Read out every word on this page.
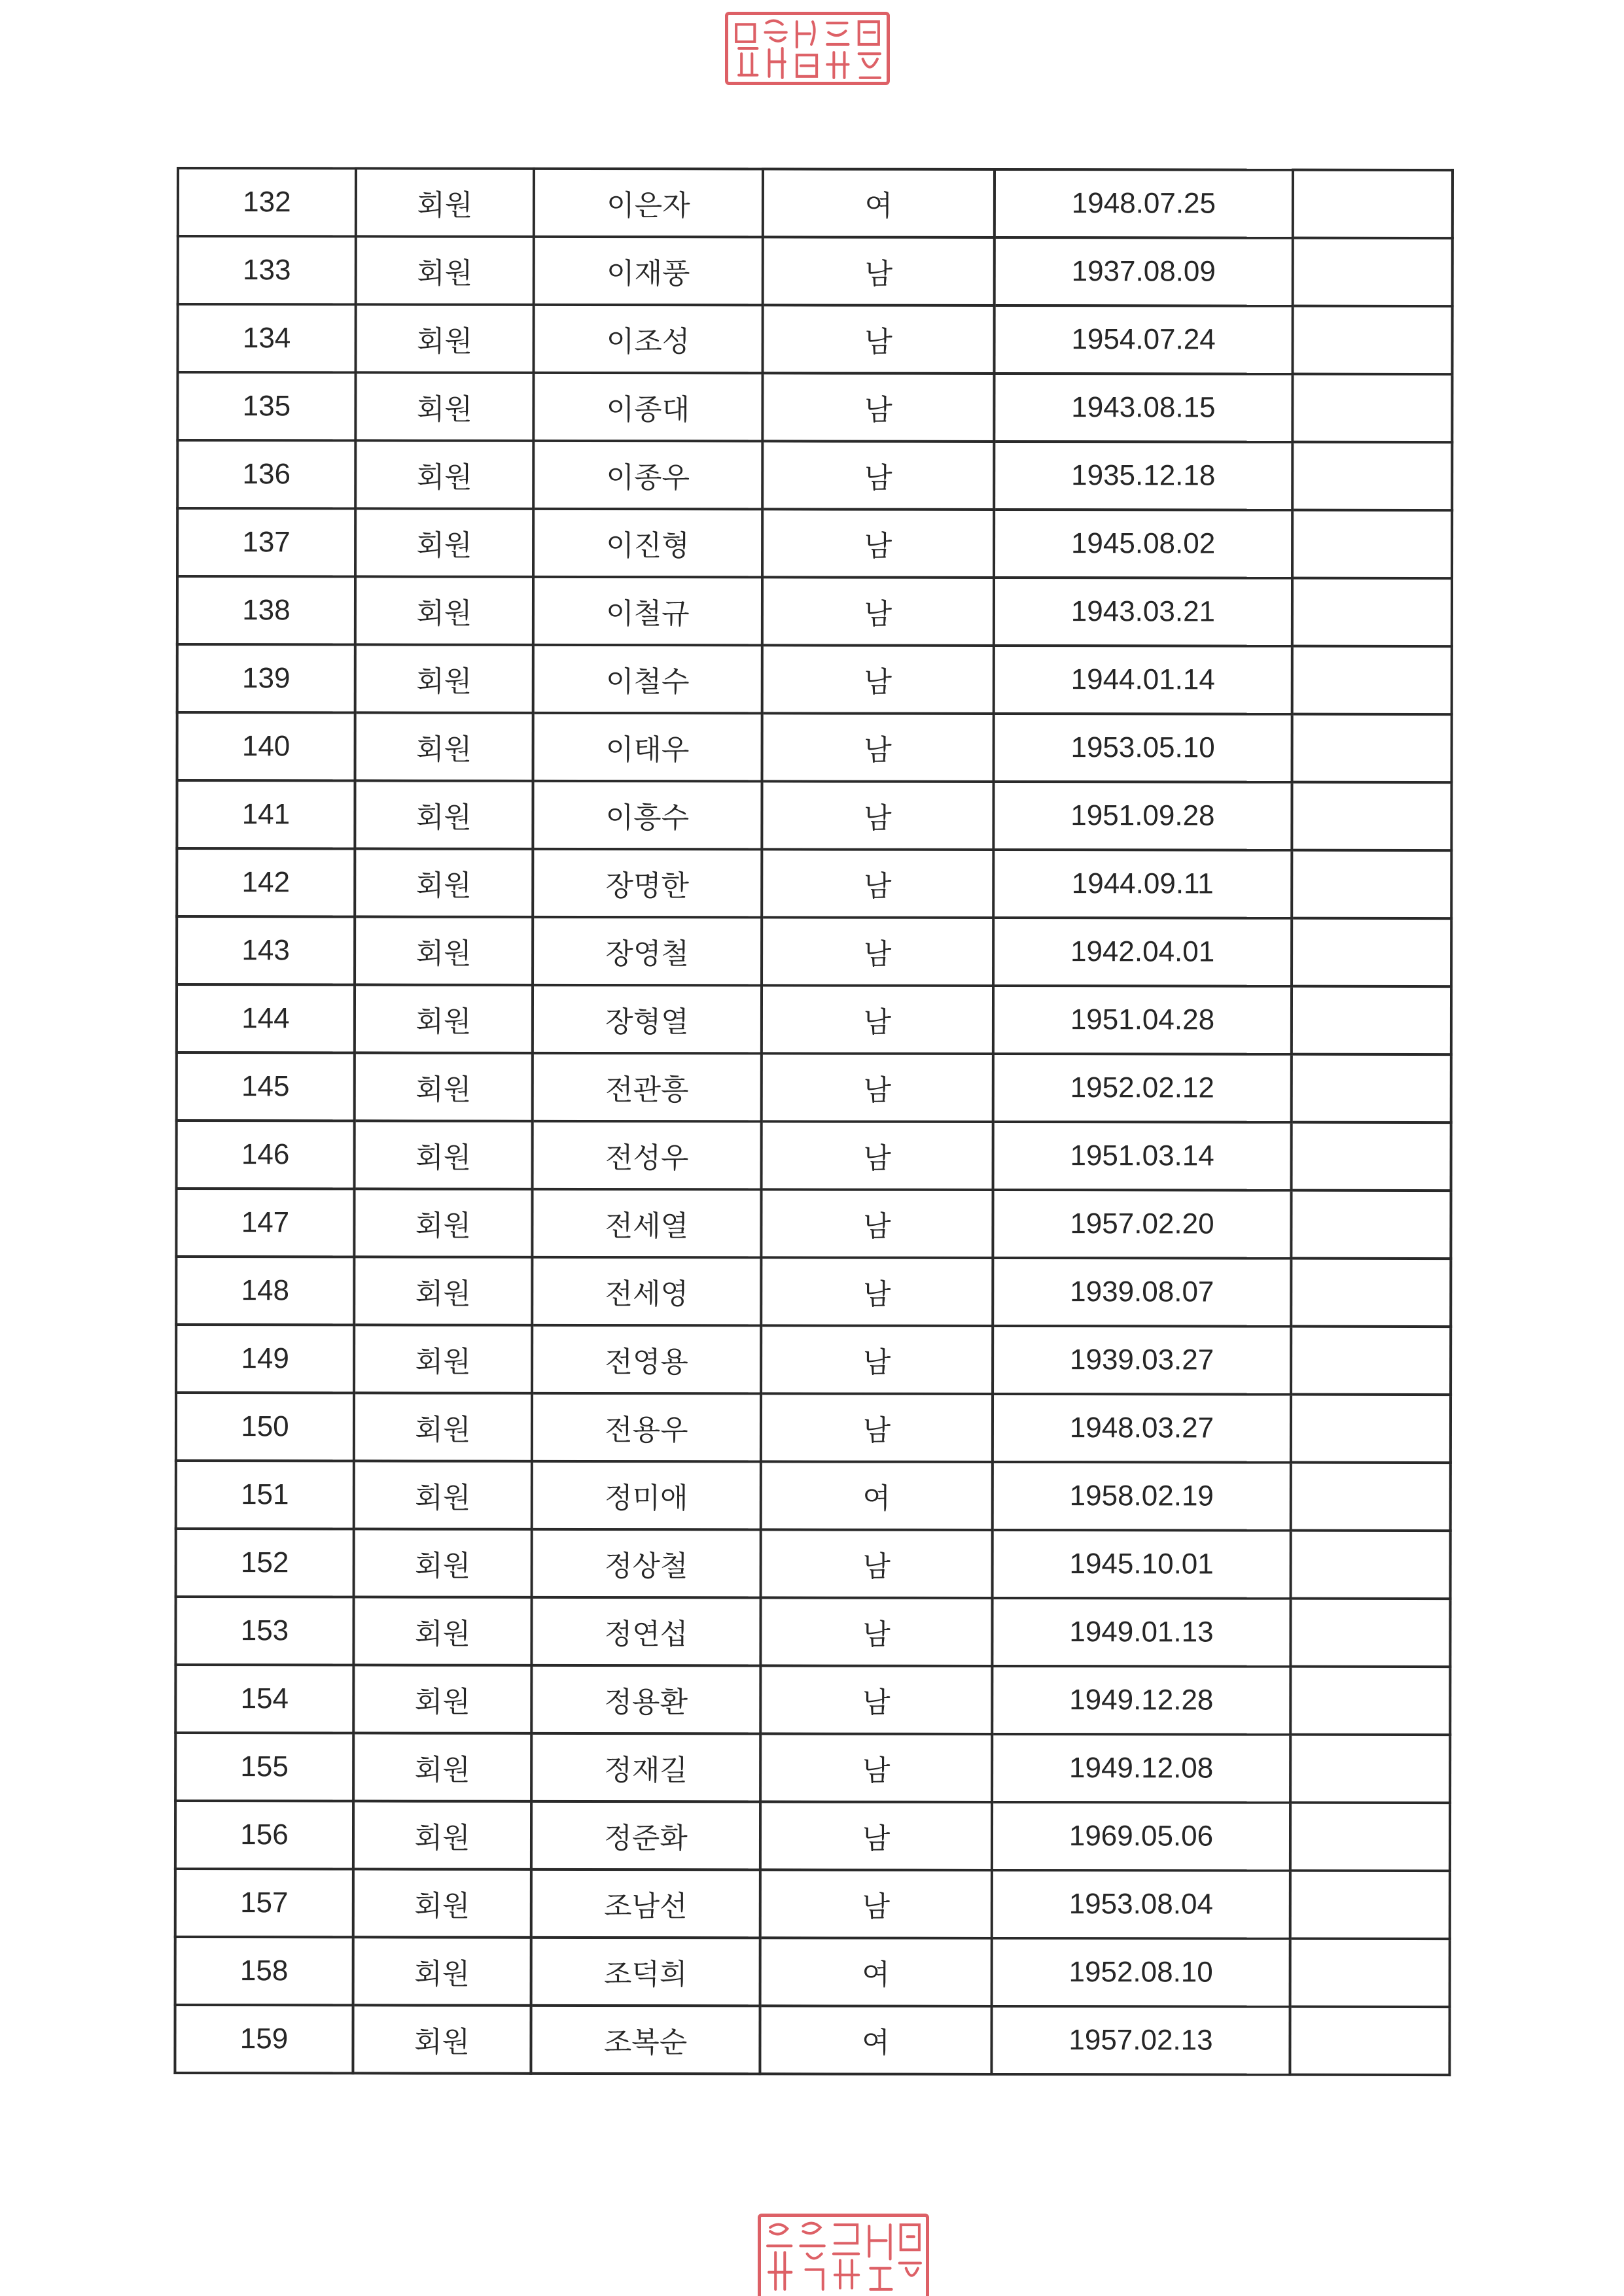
132	회원	이은자	여	1948.07.25	
133	회원	이재풍	남	1937.08.09	
134	회원	이조성	남	1954.07.24	
135	회원	이종대	남	1943.08.15	
136	회원	이종우	남	1935.12.18	
137	회원	이진형	남	1945.08.02	
138	회원	이철규	남	1943.03.21	
139	회원	이철수	남	1944.01.14	
140	회원	이태우	남	1953.05.10	
141	회원	이흥수	남	1951.09.28	
142	회원	장명한	남	1944.09.11	
143	회원	장영철	남	1942.04.01	
144	회원	장형열	남	1951.04.28	
145	회원	전관흥	남	1952.02.12	
146	회원	전성우	남	1951.03.14	
147	회원	전세열	남	1957.02.20	
148	회원	전세영	남	1939.08.07	
149	회원	전영용	남	1939.03.27	
150	회원	전용우	남	1948.03.27	
151	회원	정미애	여	1958.02.19	
152	회원	정상철	남	1945.10.01	
153	회원	정연섭	남	1949.01.13	
154	회원	정용환	남	1949.12.28	
155	회원	정재길	남	1949.12.08	
156	회원	정준화	남	1969.05.06	
157	회원	조남선	남	1953.08.04	
158	회원	조덕희	여	1952.08.10	
159	회원	조복순	여	1957.02.13	
